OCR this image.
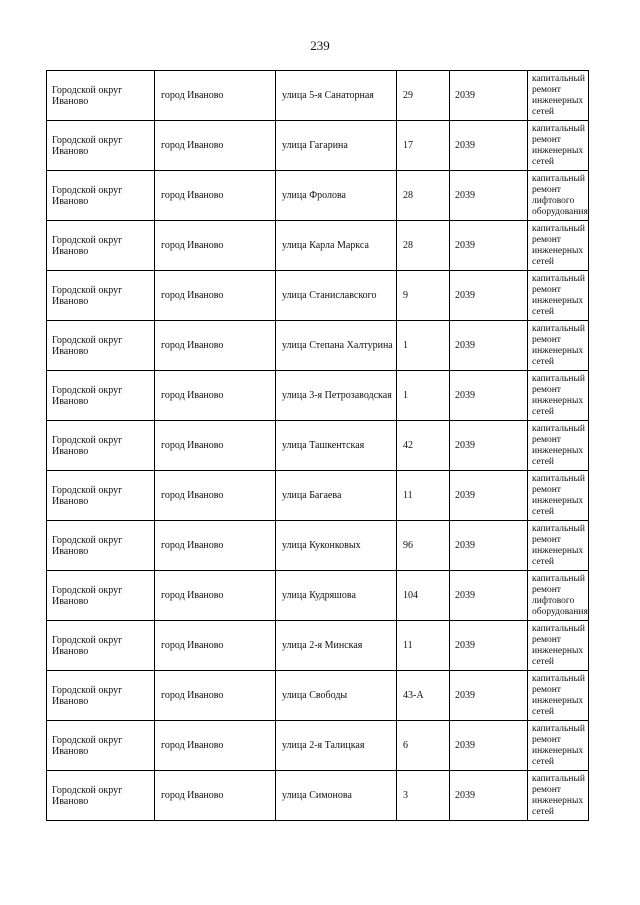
239
Городской округ Иваново	город Иваново	улица 5-я Санаторная	29	2039	капитальный ремонт инженерных сетей
Городской округ Иваново	город Иваново	улица Гагарина	17	2039	капитальный ремонт инженерных сетей
Городской округ Иваново	город Иваново	улица Фролова	28	2039	капитальный ремонт лифтового оборудования
Городской округ Иваново	город Иваново	улица Карла Маркса	28	2039	капитальный ремонт инженерных сетей
Городской округ Иваново	город Иваново	улица Станиславского	9	2039	капитальный ремонт инженерных сетей
Городской округ Иваново	город Иваново	улица Степана Халтурина	1	2039	капитальный ремонт инженерных сетей
Городской округ Иваново	город Иваново	улица 3-я Петрозаводская	1	2039	капитальный ремонт инженерных сетей
Городской округ Иваново	город Иваново	улица Ташкентская	42	2039	капитальный ремонт инженерных сетей
Городской округ Иваново	город Иваново	улица Багаева	11	2039	капитальный ремонт инженерных сетей
Городской округ Иваново	город Иваново	улица Куконковых	96	2039	капитальный ремонт инженерных сетей
Городской округ Иваново	город Иваново	улица Кудряшова	104	2039	капитальный ремонт лифтового оборудования
Городской округ Иваново	город Иваново	улица 2-я Минская	11	2039	капитальный ремонт инженерных сетей
Городской округ Иваново	город Иваново	улица Свободы	43-А	2039	капитальный ремонт инженерных сетей
Городской округ Иваново	город Иваново	улица 2-я Талицкая	6	2039	капитальный ремонт инженерных сетей
Городской округ Иваново	город Иваново	улица Симонова	3	2039	капитальный ремонт инженерных сетей
